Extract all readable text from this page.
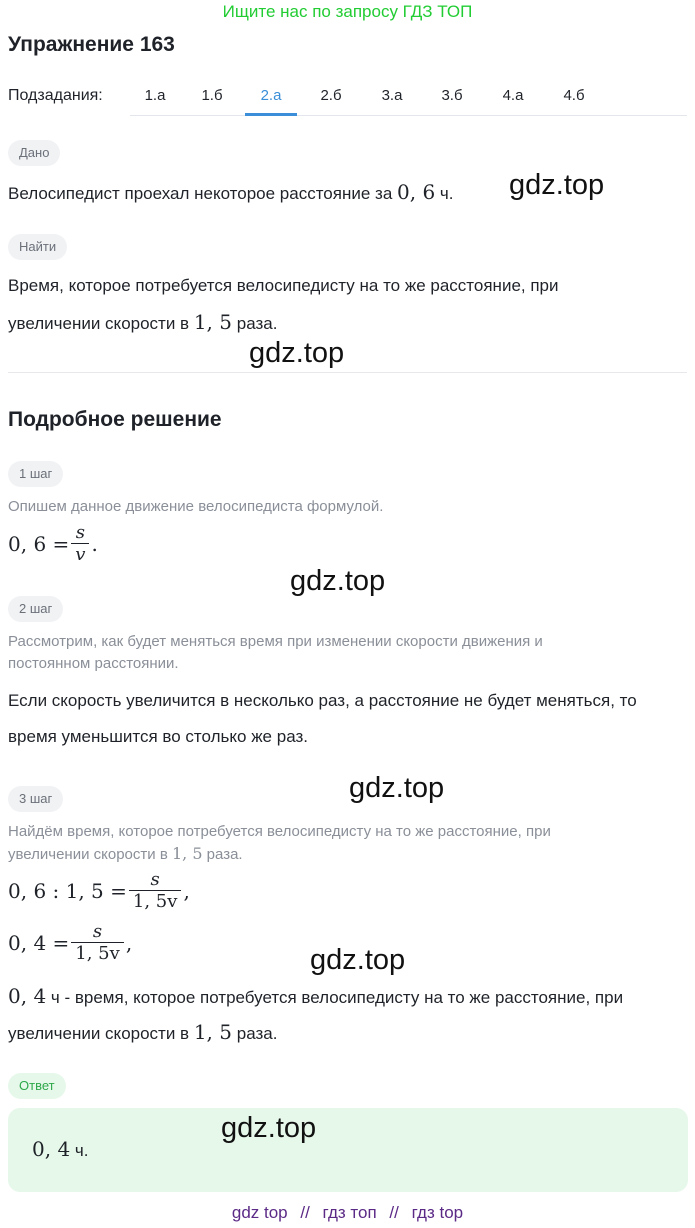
Ищите нас по запросу ГДЗ ТОП
Упражнение 163
Подзадания:	1.а	1.б	2.а	2.б	3.а	3.б	4.а	4.б
Дано
Велосипедист проехал некоторое расстояние за 0, 6 ч. gdz.top
Найти
Время, которое потребуется велосипедисту на то же расстояние, при
увеличении скорости в 1, 5 раза.
gdz.top
Подробное решение
1 шаг
Опишем данное движение велосипедиста формулой.
0, $6 = \frac{s}{v}$ .
gdz.top
2 шаг
Рассмотрим, как будет меняться время при изменении скорости движения и
постоянном расстоянии.
Если скорость увеличится в несколько раз, а расстояние не будет меняться, то
время уменьшится во столько же раз.
gdz.top
3 шаг
Найдём время, которое потребуется велосипедисту на то же расстояние, при
увеличении скорости в 1, 5 раза.
0, 6 : 1, $5 = \frac{s}{1, 5v}$ ,
0, $4 = \frac{s}{1, 5v}$ ,
gdz.top
0, 4 ч - время, которое потребуется велосипедисту на то же расстояние, при
увеличении скорости в 1, 5 раза.
Ответ
0, 4 ч.
gdz.top
gdz top // гдз топ // гдз top
